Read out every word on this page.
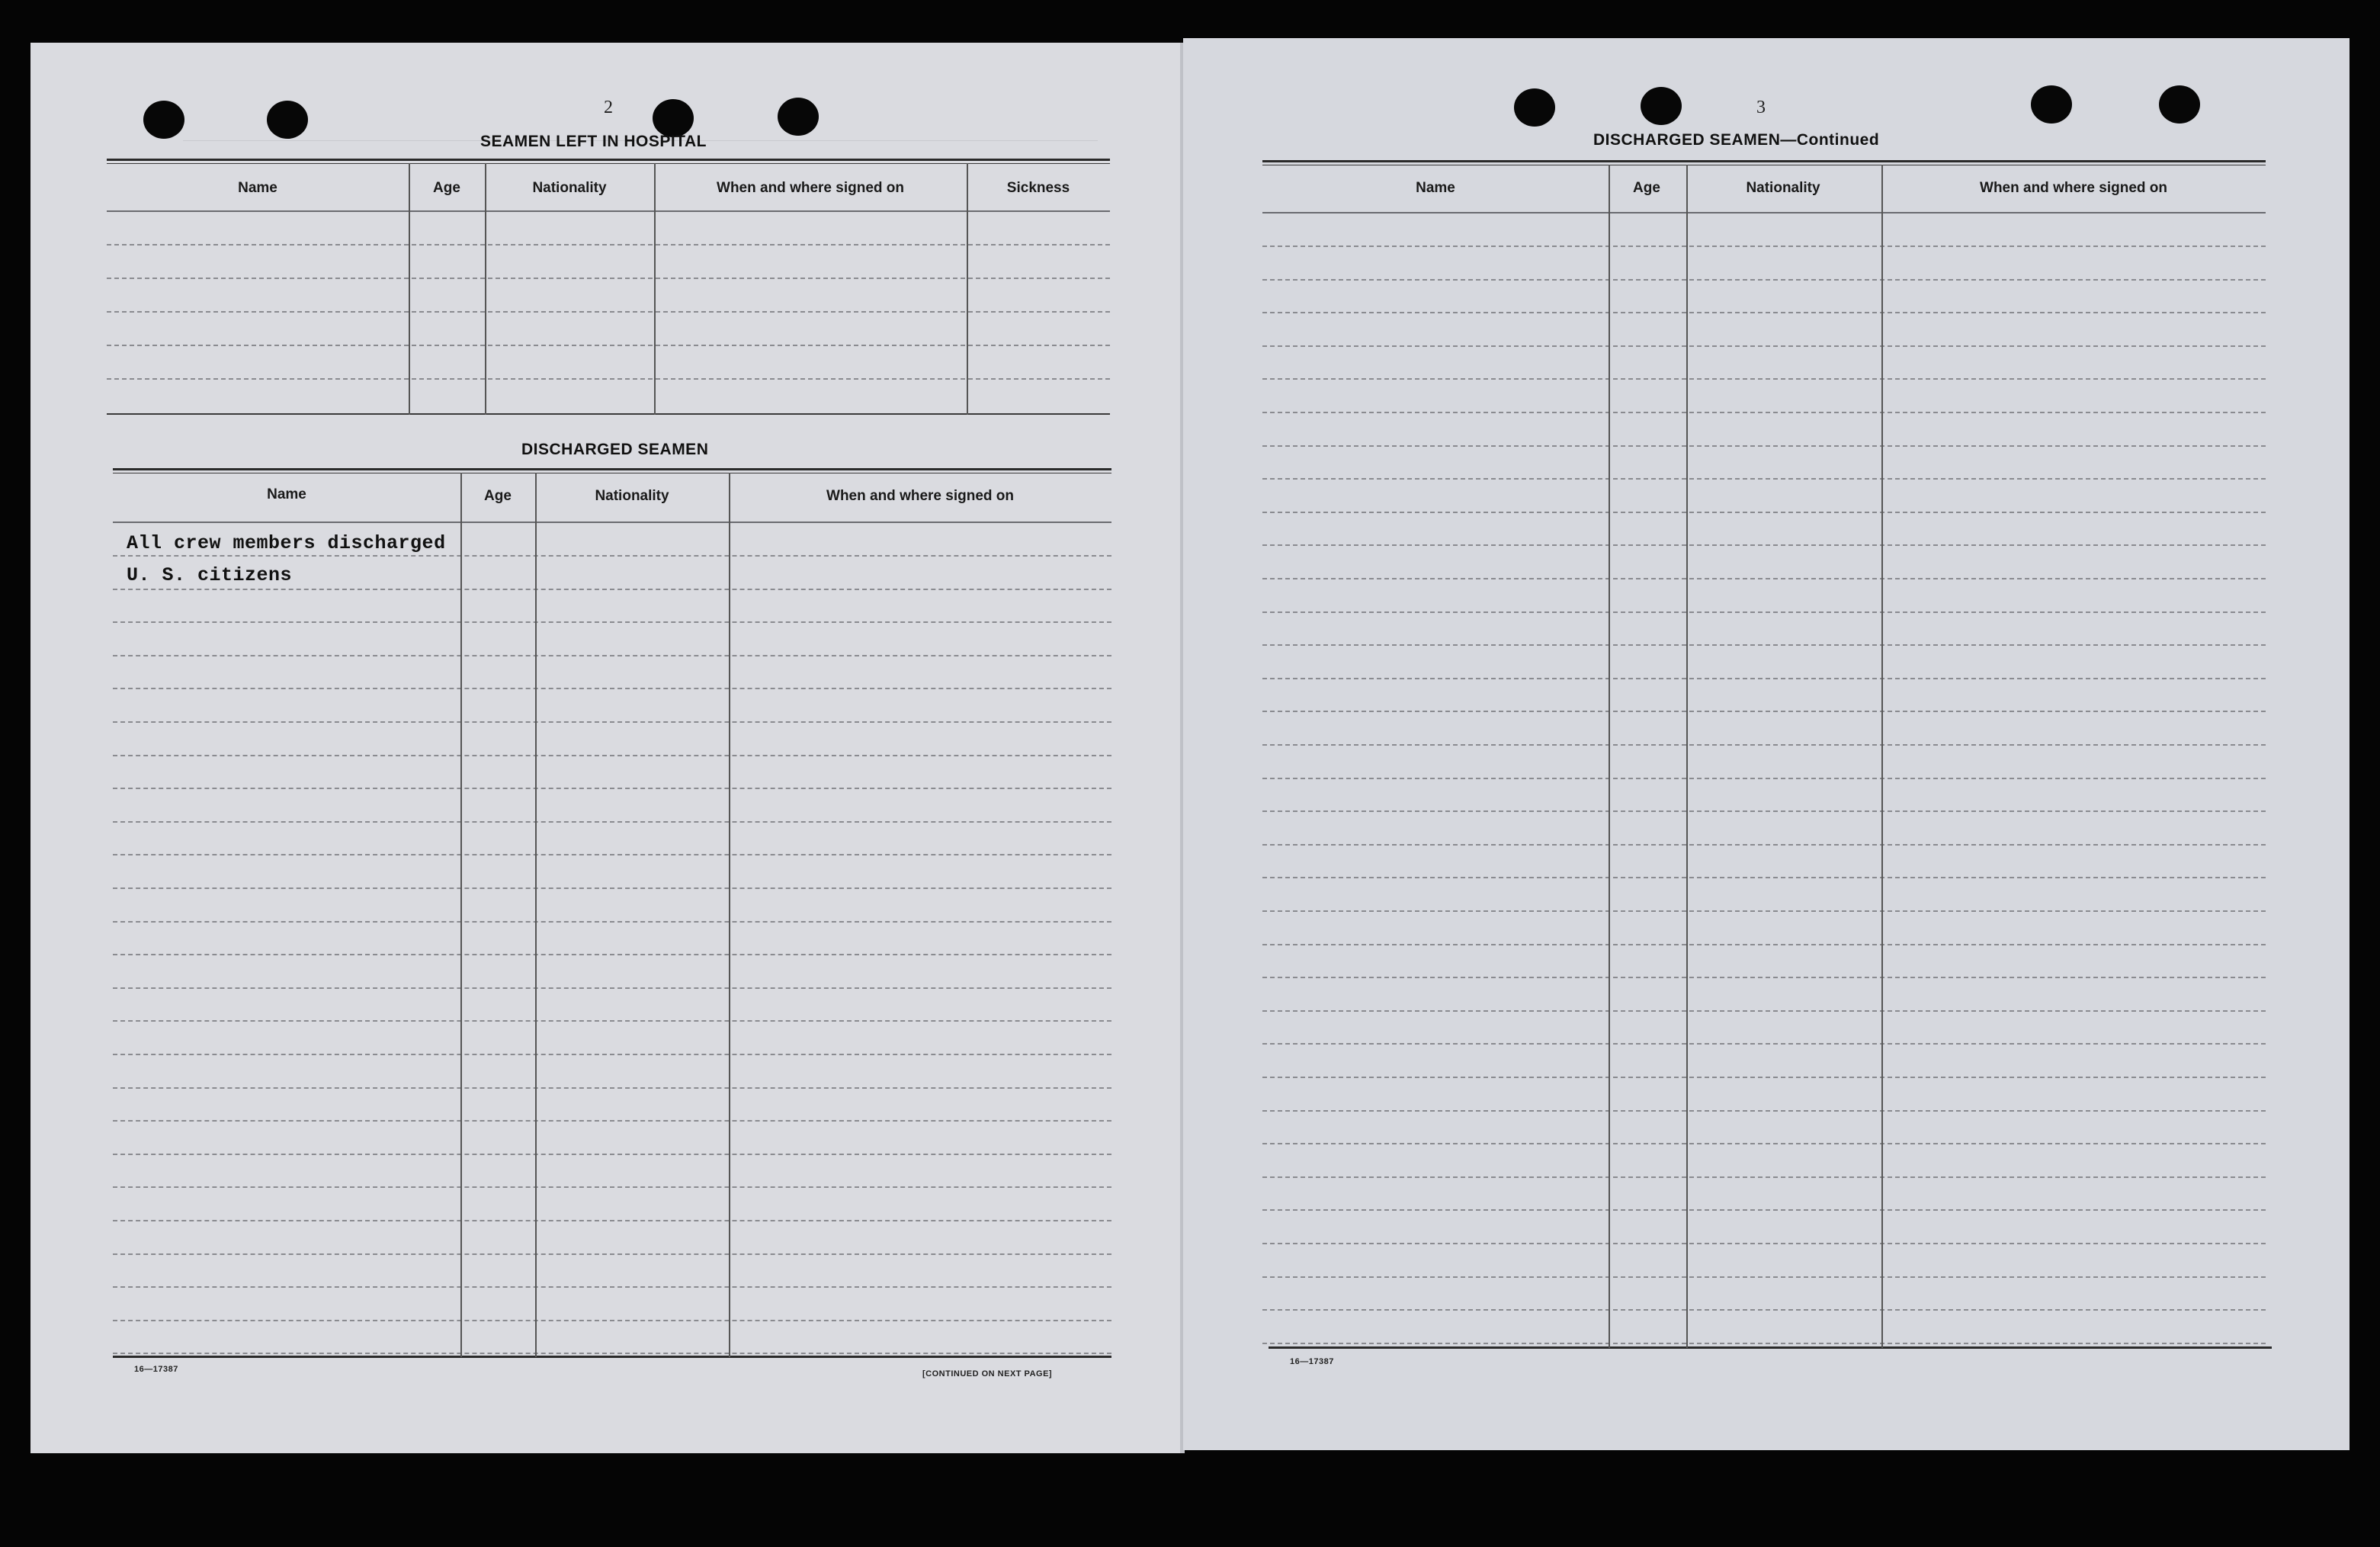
2
SEAMEN LEFT IN HOSPITAL
Name	Age	Nationality	When and where signed on	Sickness
DISCHARGED SEAMEN
Name	Age	Nationality	When and where signed on
All crew members discharged
U. S. citizens
16—17387	[CONTINUED ON NEXT PAGE]
3
DISCHARGED SEAMEN—Continued
Name	Age	Nationality	When and where signed on
16—17387
